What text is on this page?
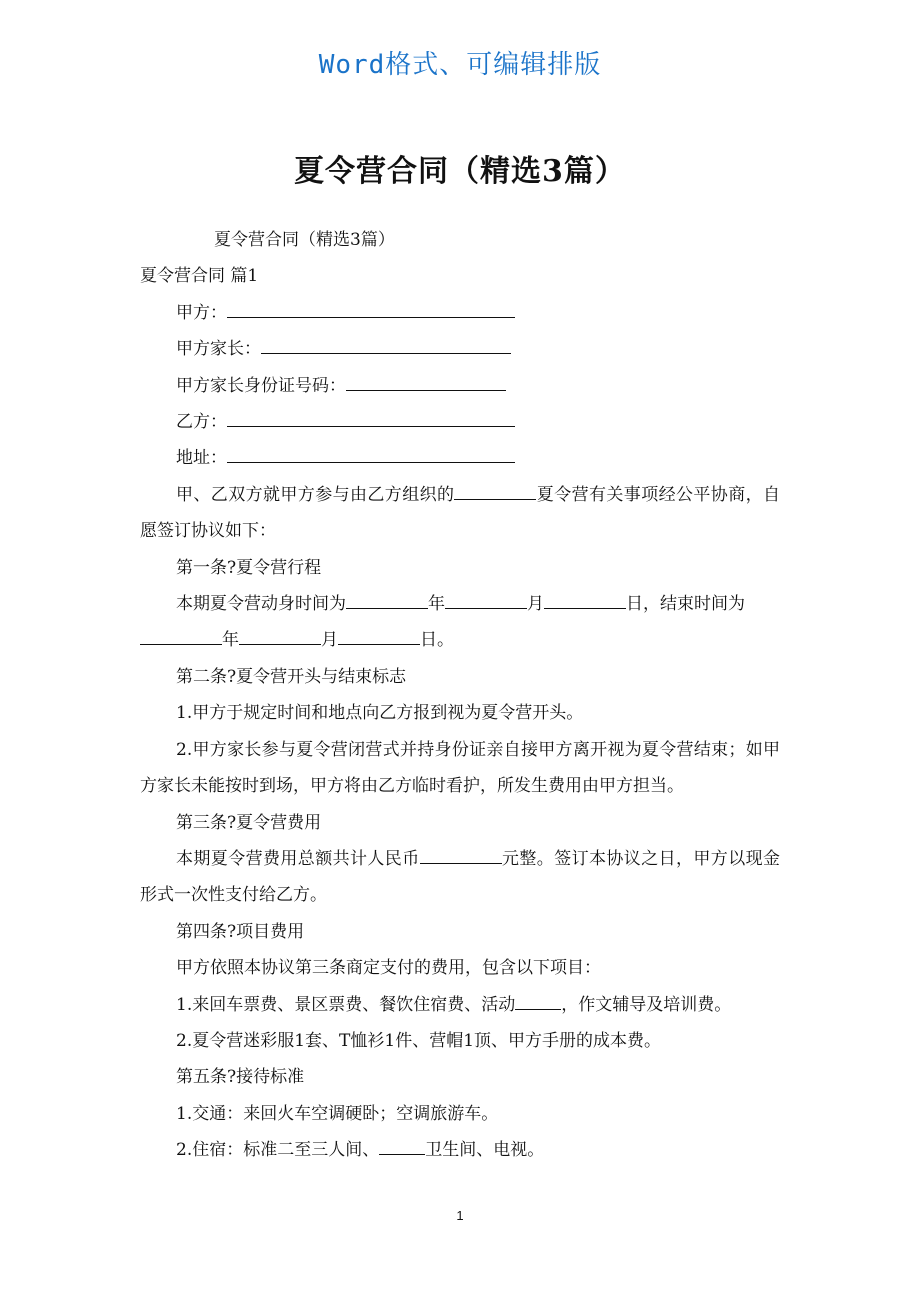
Word格式、可编辑排版
夏令营合同（精选3篇）

夏令营合同（精选3篇）

夏令营合同 篇1

甲方：

甲方家长：

甲方家长身份证号码：

乙方：

地址：

甲、乙双方就甲方参与由乙方组织的	夏令营有关事项经公平协商，自愿签订协议如下：

第一条?夏令营行程

本期夏令营动身时间为	年	月	日，结束时间为

年	月	日。

第二条?夏令营开头与结束标志

1.甲方于规定时间和地点向乙方报到视为夏令营开头。

2.甲方家长参与夏令营闭营式并持身份证亲自接甲方离开视为夏令营结束；如甲方家长未能按时到场，甲方将由乙方临时看护，所发生费用由甲方担当。

第三条?夏令营费用

本期夏令营费用总额共计人民币	元整。签订本协议之日，甲方以现金形式一次性支付给乙方。

第四条?项目费用

甲方依照本协议第三条商定支付的费用，包含以下项目：

1.来回车票费、景区票费、餐饮住宿费、活动	，作文辅导及培训费。

2.夏令营迷彩服1套、T恤衫1件、营帽1顶、甲方手册的成本费。

第五条?接待标准

1.交通：来回火车空调硬卧；空调旅游车。

2.住宿：标准二至三人间、	卫生间、电视。

1
